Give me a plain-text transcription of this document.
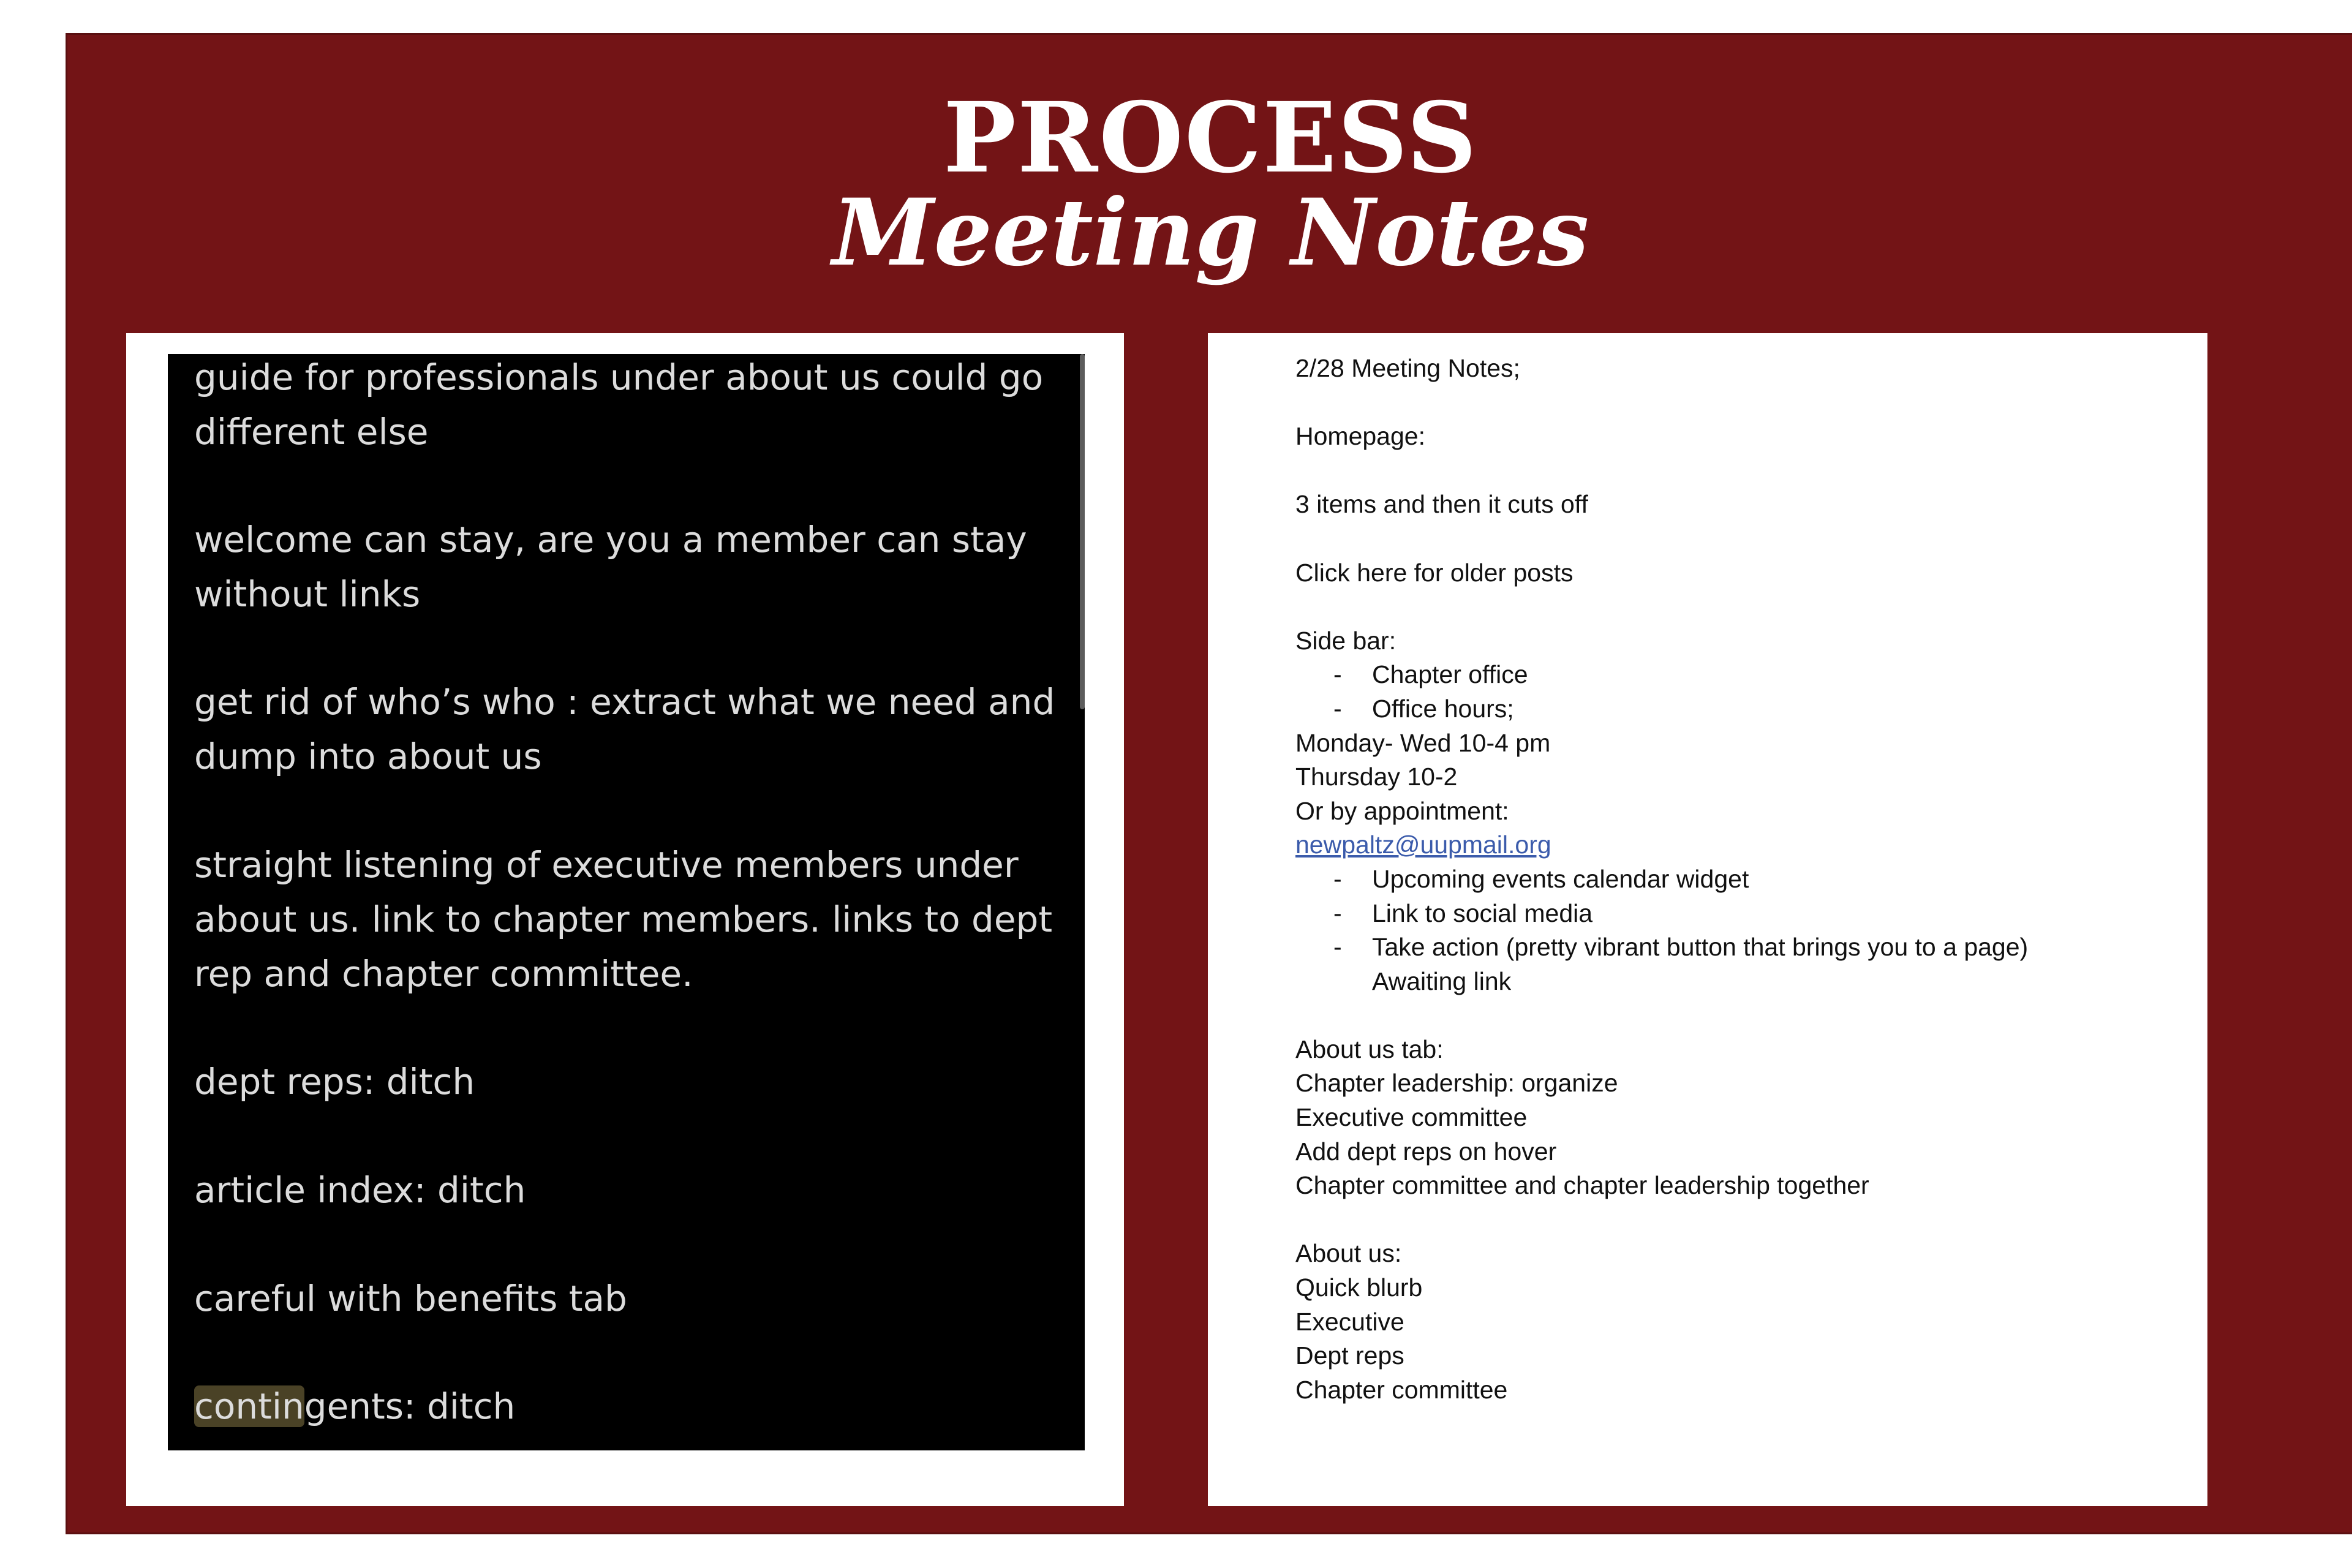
PROCESS
Meeting Notes

guide for professionals under about us could go different else

welcome can stay, are you a member can stay without links

get rid of who’s who : extract what we need and dump into about us

straight listening of executive members under about us. link to chapter members. links to dept rep and chapter committee.

dept reps: ditch

article index: ditch

careful with benefits tab

contingents: ditch

2/28 Meeting Notes;
Homepage:
3 items and then it cuts off
Click here for older posts
Side bar:
- Chapter office
- Office hours;
Monday- Wed 10-4 pm
Thursday 10-2
Or by appointment:
newpaltz@uupmail.org
- Upcoming events calendar widget
- Link to social media
- Take action (pretty vibrant button that brings you to a page)
Awaiting link
About us tab:
Chapter leadership: organize
Executive committee
Add dept reps on hover
Chapter committee and chapter leadership together
About us:
Quick blurb
Executive
Dept reps
Chapter committee
